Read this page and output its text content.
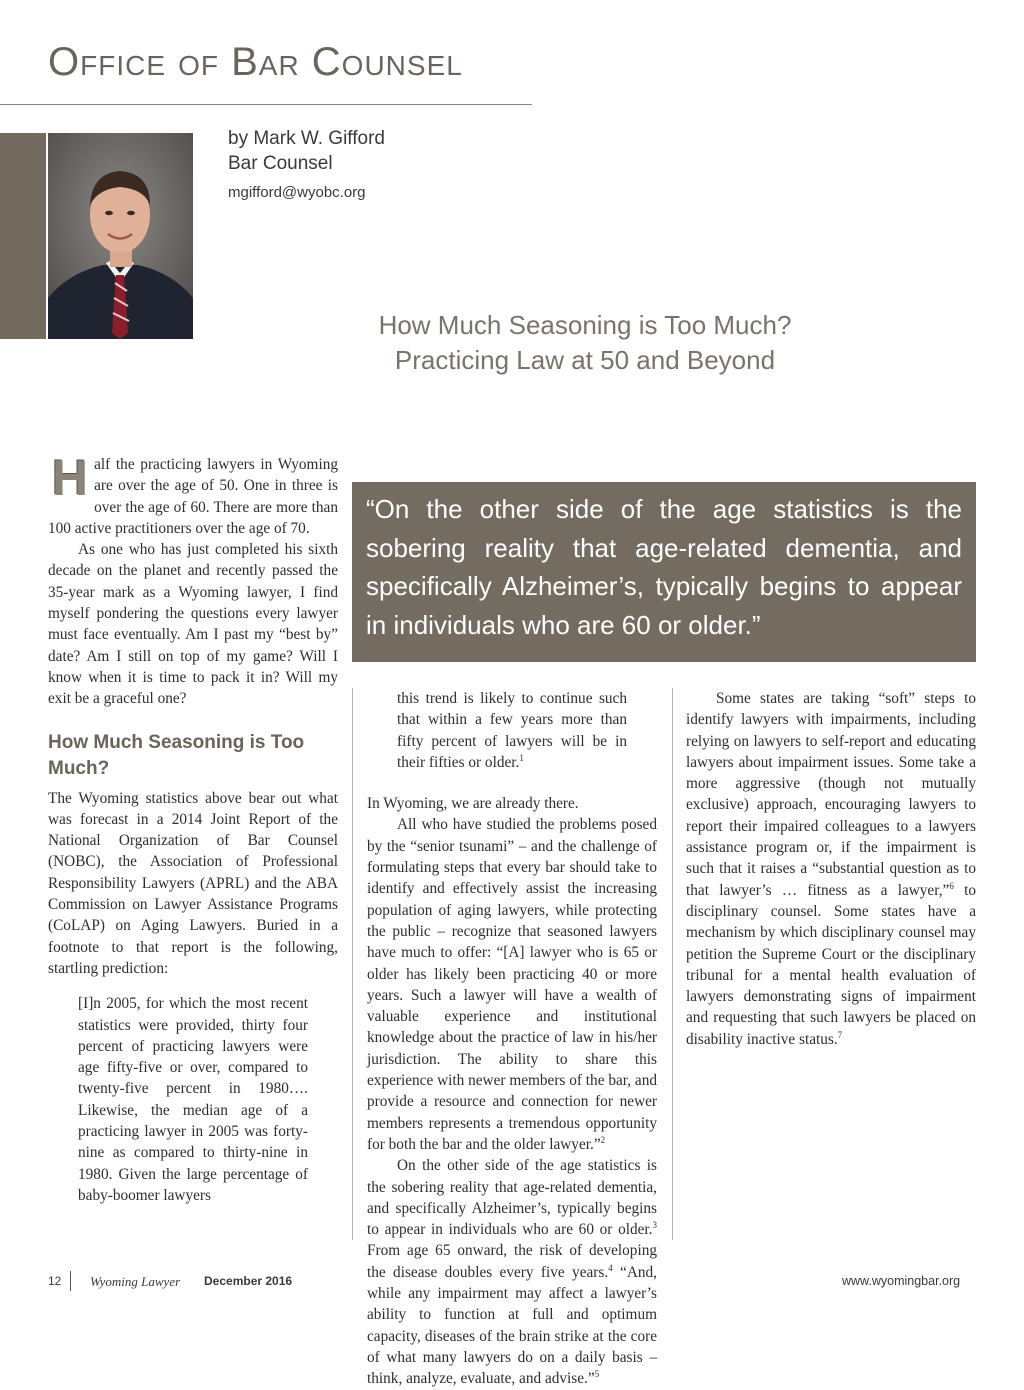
Office of Bar Counsel
by Mark W. Gifford
Bar Counsel
mgifford@wyobc.org
How Much Seasoning is Too Much?
Practicing Law at 50 and Beyond

“On the other side of the age statistics is the sobering reality that age-related dementia, and specifically Alzheimer’s, typically begins to appear in individuals who are 60 or older.”

Half the practicing lawyers in Wyoming are over the age of 50. One in three is over the age of 60. There are more than 100 active practitioners over the age of 70.

As one who has just completed his sixth decade on the planet and recently passed the 35-year mark as a Wyoming lawyer, I find myself pondering the questions every lawyer must face eventually. Am I past my “best by” date? Am I still on top of my game? Will I know when it is time to pack it in? Will my exit be a graceful one?

How Much Seasoning is Too Much?

The Wyoming statistics above bear out what was forecast in a 2014 Joint Report of the National Organization of Bar Counsel (NOBC), the Association of Professional Responsibility Lawyers (APRL) and the ABA Commission on Lawyer Assistance Programs (CoLAP) on Aging Lawyers. Buried in a footnote to that report is the following, startling prediction:

[I]n 2005, for which the most recent statistics were provided, thirty four percent of practicing lawyers were age fifty-five or over, compared to twenty-five percent in 1980…. Likewise, the median age of a practicing lawyer in 2005 was forty-nine as compared to thirty-nine in 1980. Given the large percentage of baby-boomer lawyers

this trend is likely to continue such that within a few years more than fifty percent of lawyers will be in their fifties or older.$^1$

In Wyoming, we are already there.

All who have studied the problems posed by the “senior tsunami” – and the challenge of formulating steps that every bar should take to identify and effectively assist the increasing population of aging lawyers, while protecting the public – recognize that seasoned lawyers have much to offer: “[A] lawyer who is 65 or older has likely been practicing 40 or more years. Such a lawyer will have a wealth of valuable experience and institutional knowledge about the practice of law in his/her jurisdiction. The ability to share this experience with newer members of the bar, and provide a resource and connection for newer members represents a tremendous opportunity for both the bar and the older lawyer.”$^2$

On the other side of the age statistics is the sobering reality that age-related dementia, and specifically Alzheimer’s, typically begins to appear in individuals who are 60 or older.$^3$ From age 65 onward, the risk of developing the disease doubles every five years.$^4$ “And, while any impairment may affect a lawyer’s ability to function at full and optimum capacity, diseases of the brain strike at the core of what many lawyers do on a daily basis – think, analyze, evaluate, and advise.”$^5$

Some states are taking “soft” steps to identify lawyers with impairments, including relying on lawyers to self-report and educating lawyers about impairment issues. Some take a more aggressive (though not mutually exclusive) approach, encouraging lawyers to report their impaired colleagues to a lawyers assistance program or, if the impairment is such that it raises a “substantial question as to that lawyer’s … fitness as a lawyer,”$^6$ to disciplinary counsel. Some states have a mechanism by which disciplinary counsel may petition the Supreme Court or the disciplinary tribunal for a mental health evaluation of lawyers demonstrating signs of impairment and requesting that such lawyers be placed on disability inactive status.$^7$

12 Wyoming Lawyer December 2016	www.wyomingbar.org
